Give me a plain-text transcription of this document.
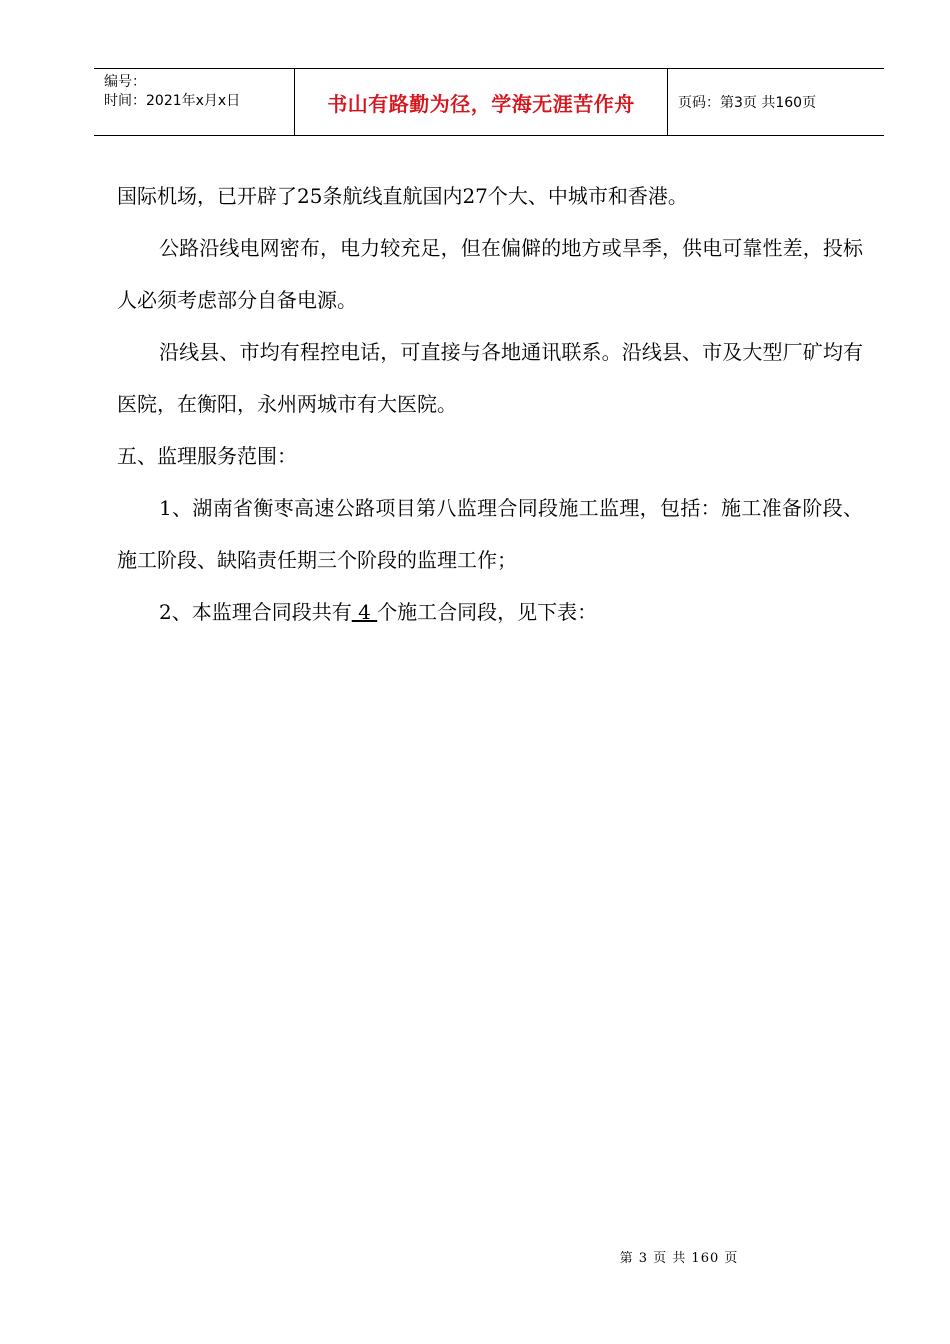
编号：
时间：2021年x月x日	书山有路勤为径，学海无涯苦作舟	页码：第3页 共160页

国际机场，已开辟了25条航线直航国内27个大、中城市和香港。

公路沿线电网密布，电力较充足，但在偏僻的地方或旱季，供电可靠性差，投标人必须考虑部分自备电源。

沿线县、市均有程控电话，可直接与各地通讯联系。沿线县、市及大型厂矿均有医院，在衡阳，永州两城市有大医院。

五、监理服务范围：

1、湖南省衡枣高速公路项目第八监理合同段施工监理，包括：施工准备阶段、施工阶段、缺陷责任期三个阶段的监理工作；

2、本监理合同段共有 4 个施工合同段，见下表：

第 3 页 共 160 页
